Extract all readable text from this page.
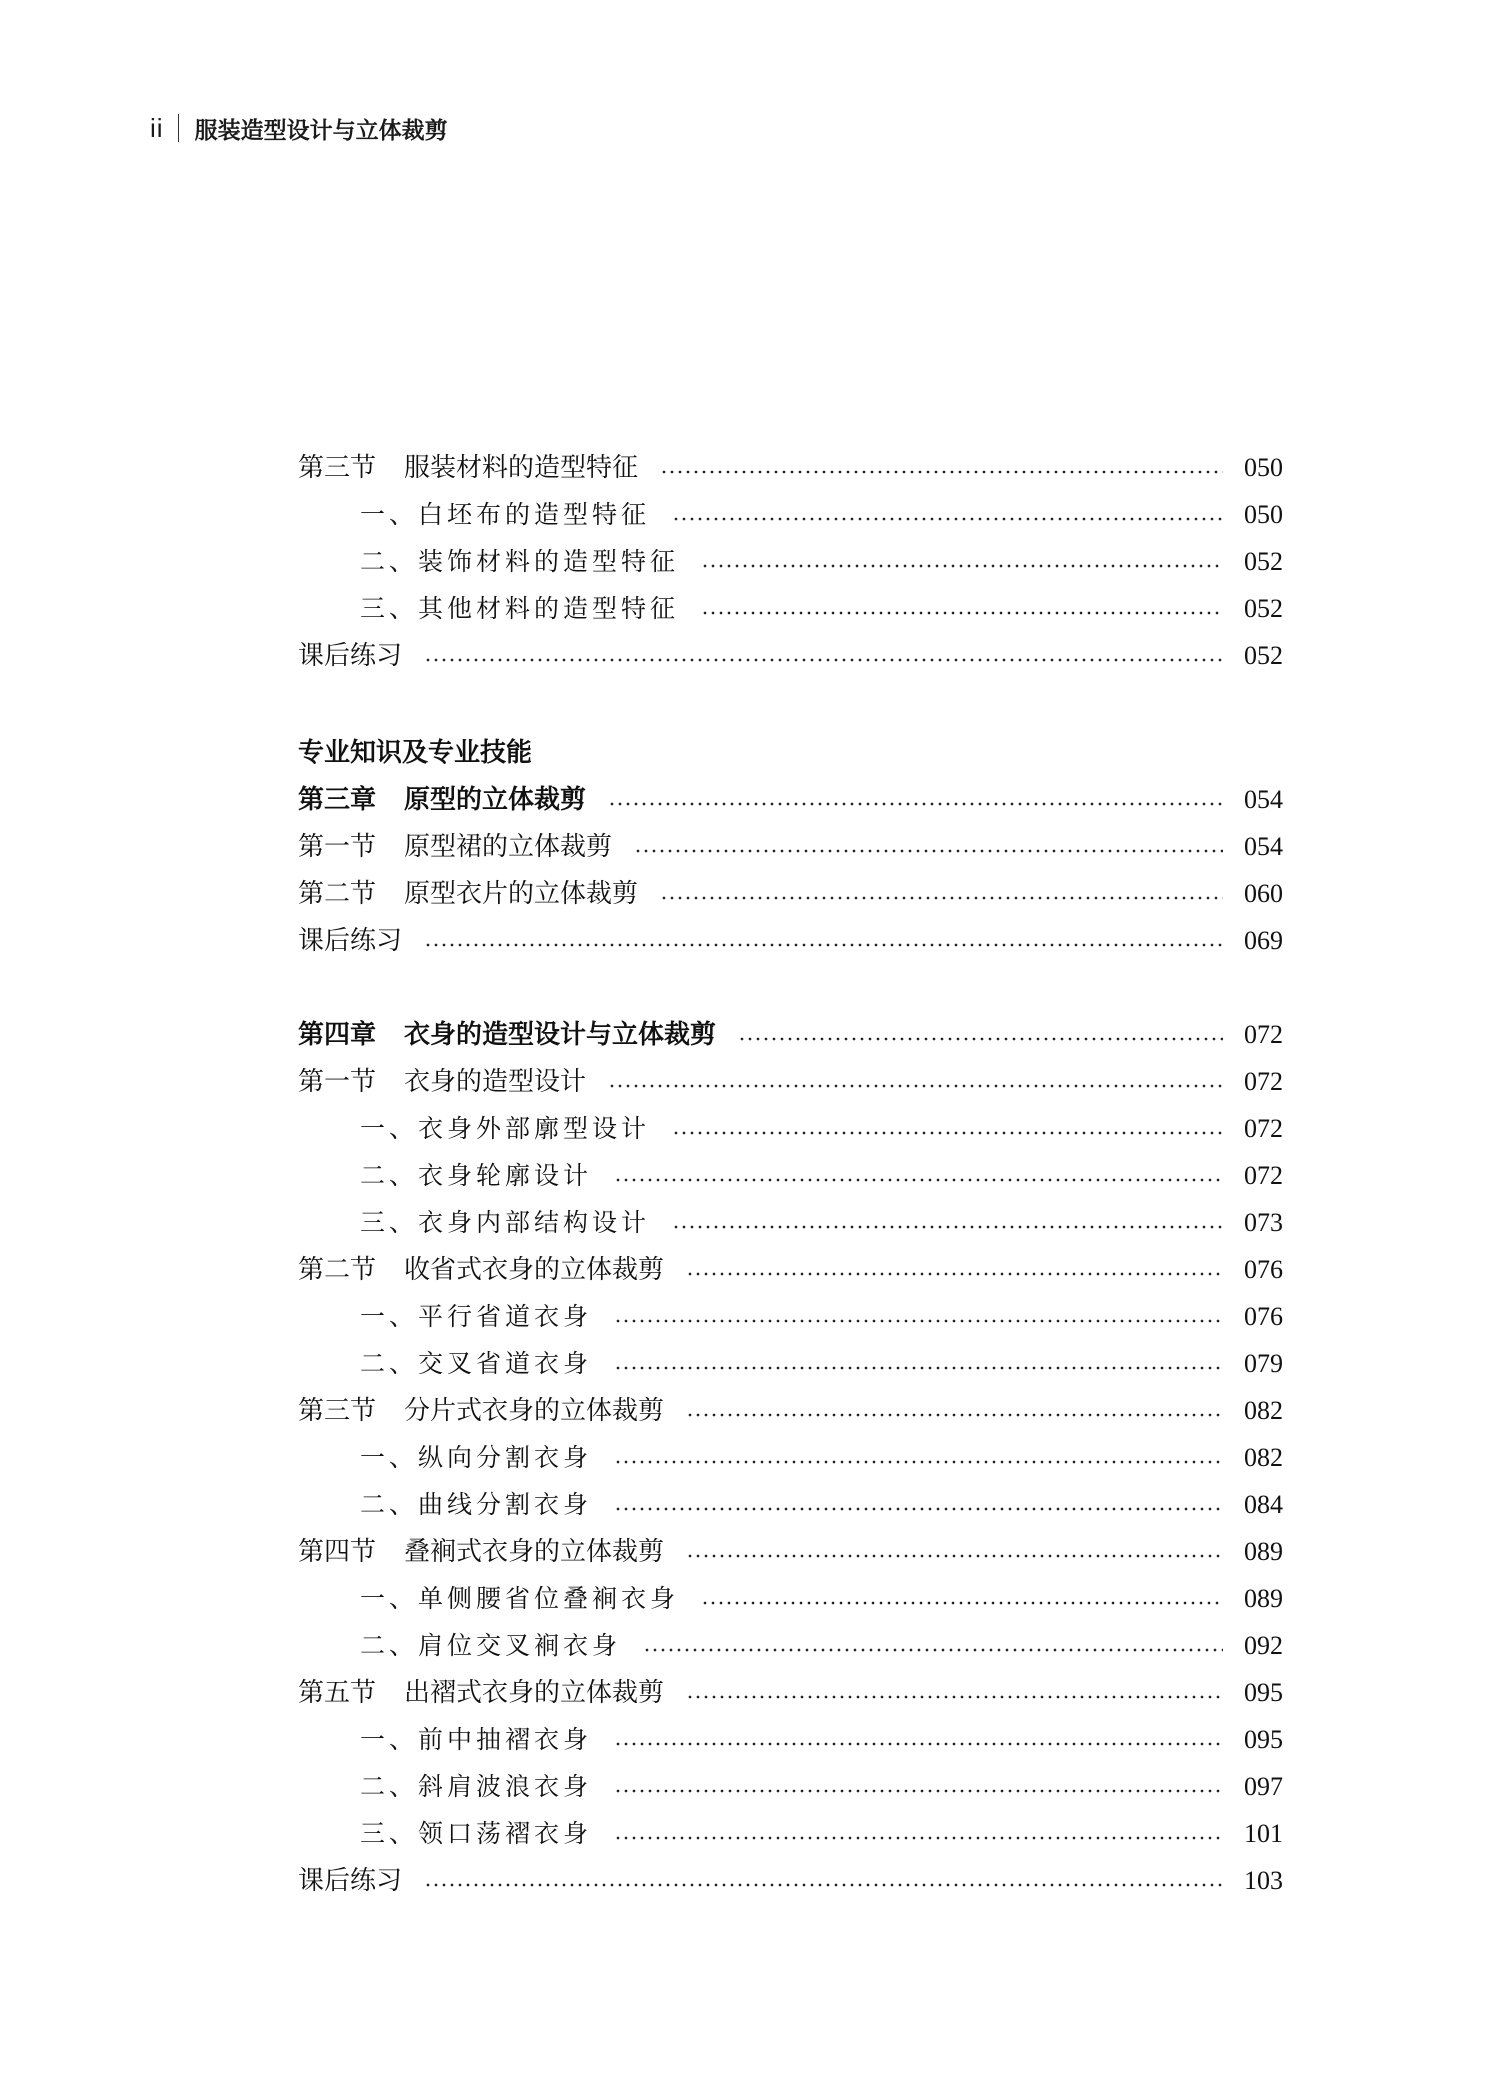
ii 服装造型设计与立体裁剪
第三节 服装材料的造型特征	050
一、白坯布的造型特征	050
二、装饰材料的造型特征	052
三、其他材料的造型特征	052
课后练习	052
专业知识及专业技能
第三章 原型的立体裁剪	054
第一节 原型裙的立体裁剪	054
第二节 原型衣片的立体裁剪	060
课后练习	069
第四章 衣身的造型设计与立体裁剪	072
第一节 衣身的造型设计	072
一、衣身外部廓型设计	072
二、衣身轮廓设计	072
三、衣身内部结构设计	073
第二节 收省式衣身的立体裁剪	076
一、平行省道衣身	076
二、交叉省道衣身	079
第三节 分片式衣身的立体裁剪	082
一、纵向分割衣身	082
二、曲线分割衣身	084
第四节 叠裥式衣身的立体裁剪	089
一、单侧腰省位叠裥衣身	089
二、肩位交叉裥衣身	092
第五节 出褶式衣身的立体裁剪	095
一、前中抽褶衣身	095
二、斜肩波浪衣身	097
三、领口荡褶衣身	101
课后练习	103
